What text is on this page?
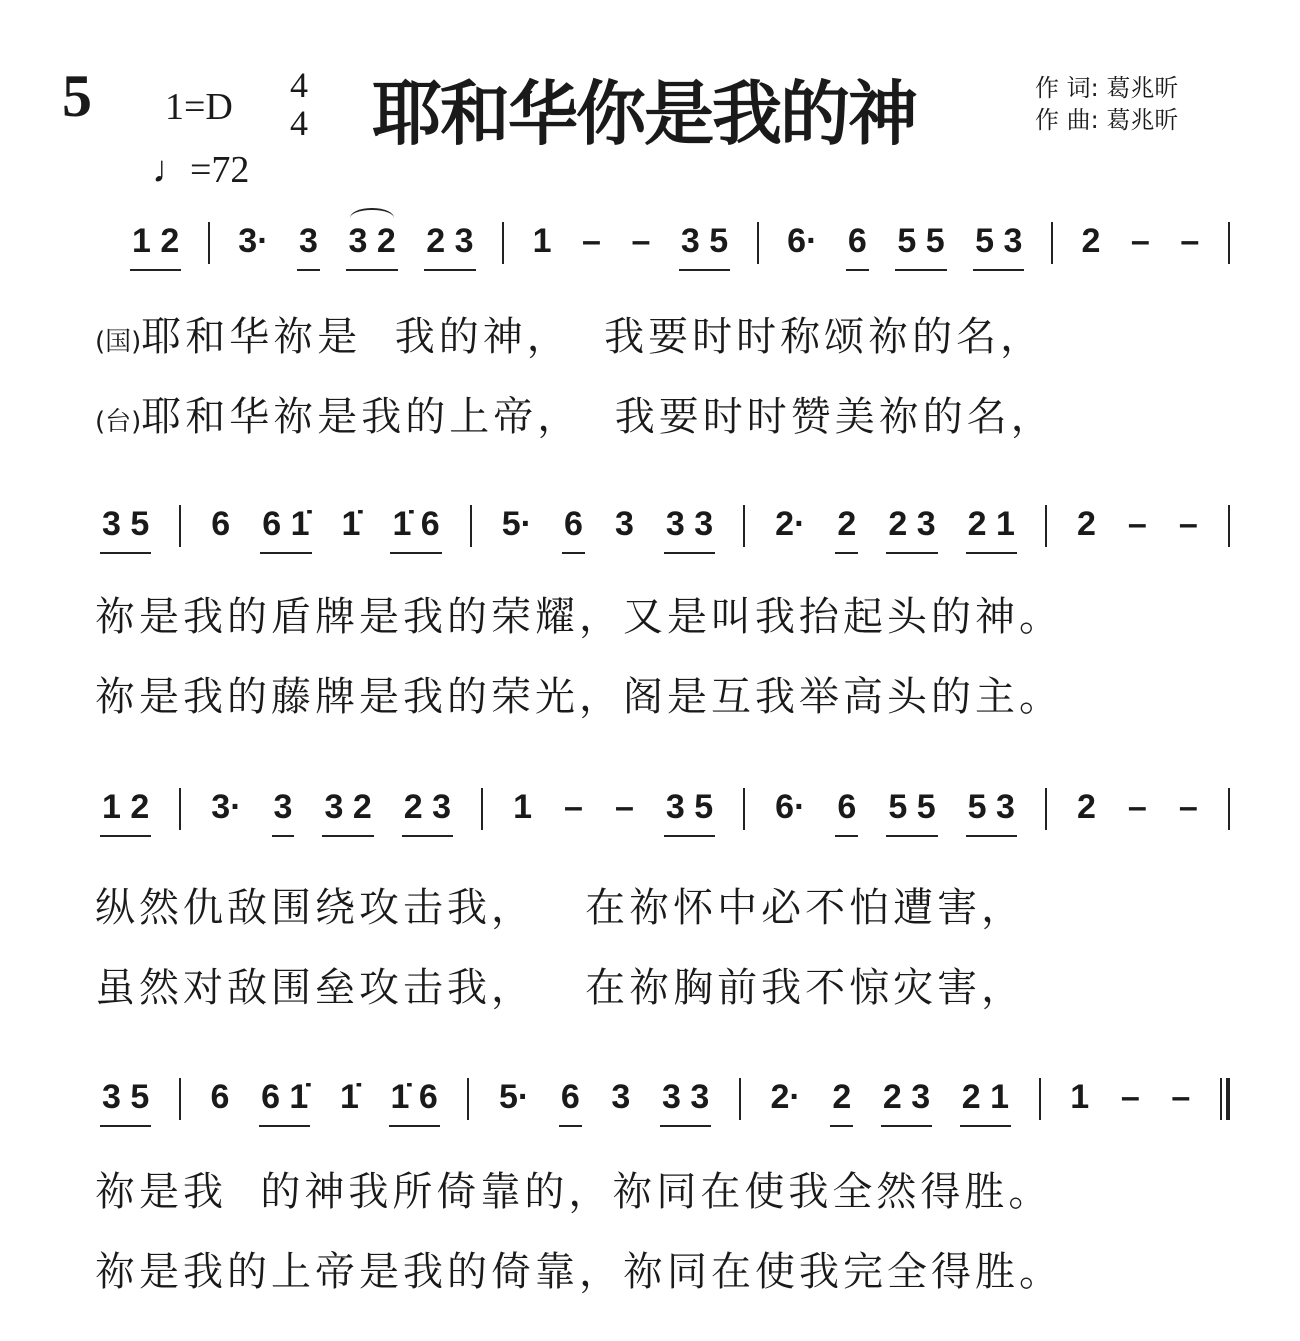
5 1=D
4
4
♩=72
耶和华你是我的神	作 词: 葛兆昕
作 曲: 葛兆昕
1 2 3· 3 3 2 2 3 1 – – 3 5 6· 6 5 5 5 3 2 – –
(国)耶和华祢是  我的神，  我要时时称颂祢的名，
(台)耶和华祢是我的上帝，  我要时时赞美祢的名，
3 5 6 6 1̇ 1̇ 1̇ 6 5· 6 3 3 3 2· 2 2 3 2 1 2 – –
祢是我的盾牌是我的荣耀，又是叫我抬起头的神。
祢是我的藤牌是我的荣光，阁是互我举高头的主。
1 2 3· 3 3 2 2 3 1 – – 3 5 6· 6 5 5 5 3 2 – –
纵然仇敌围绕攻击我，   在祢怀中必不怕遭害，
虽然对敌围垒攻击我，   在祢胸前我不惊灾害，
3 5 6 6 1̇ 1̇ 1̇ 6 5· 6 3 3 3 2· 2 2 3 2 1 1 – –
祢是我  的神我所倚靠的，祢同在使我全然得胜。
祢是我的上帝是我的倚靠，祢同在使我完全得胜。
